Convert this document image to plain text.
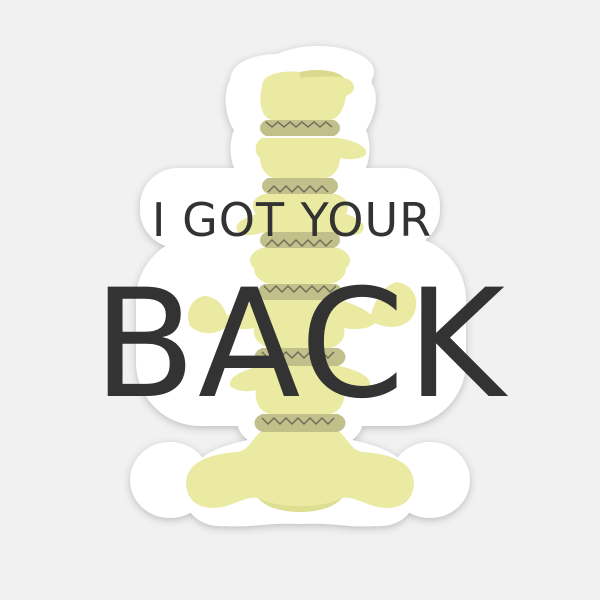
I GOT YOUR
BACK
